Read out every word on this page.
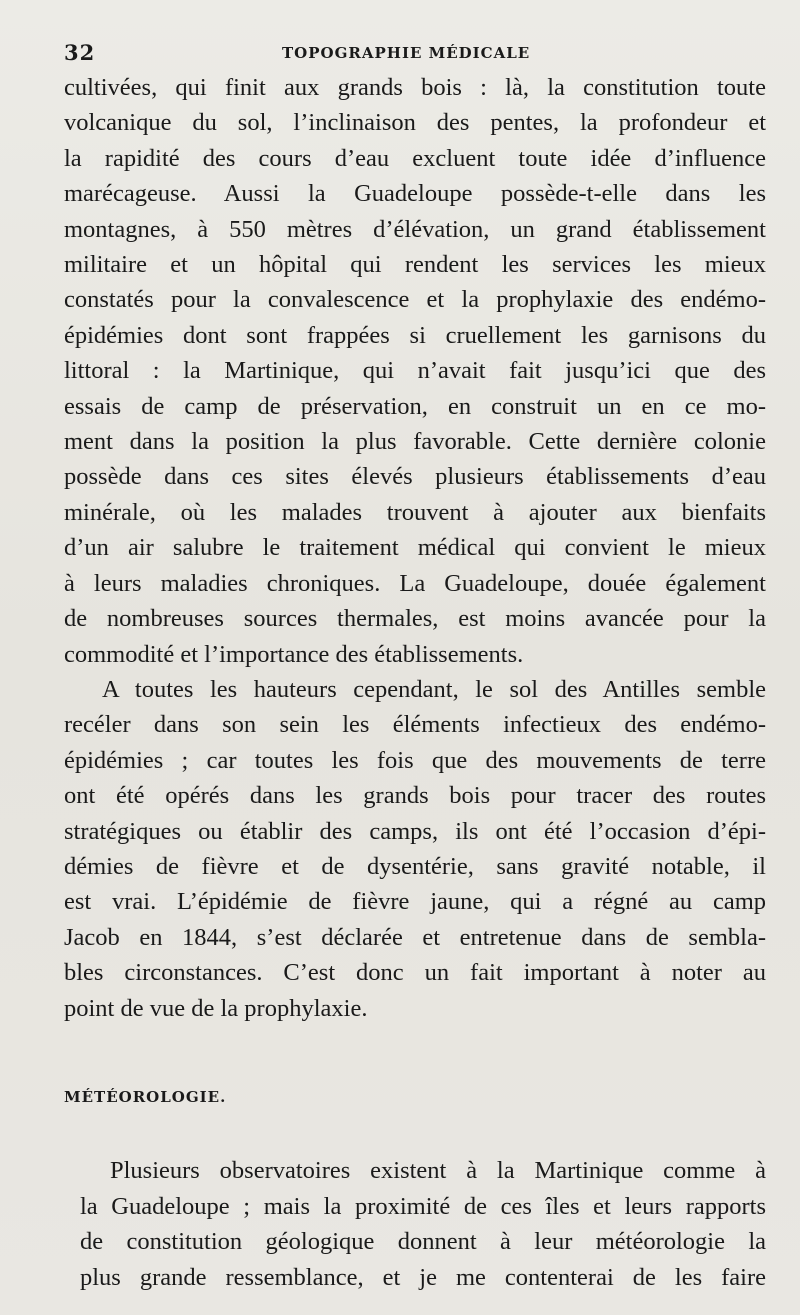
32	TOPOGRAPHIE MÉDICALE
cultivées, qui finit aux grands bois : là, la constitution toute
volcanique du sol, l’inclinaison des pentes, la profondeur et
la rapidité des cours d’eau excluent toute idée d’influence
marécageuse. Aussi la Guadeloupe possède-t-elle dans les
montagnes, à 550 mètres d’élévation, un grand établissement
militaire et un hôpital qui rendent les services les mieux
constatés pour la convalescence et la prophylaxie des endémo-
épidémies dont sont frappées si cruellement les garnisons du
littoral : la Martinique, qui n’avait fait jusqu’ici que des
essais de camp de préservation, en construit un en ce mo-
ment dans la position la plus favorable. Cette dernière colonie
possède dans ces sites élevés plusieurs établissements d’eau
minérale, où les malades trouvent à ajouter aux bienfaits
d’un air salubre le traitement médical qui convient le mieux
à leurs maladies chroniques. La Guadeloupe, douée également
de nombreuses sources thermales, est moins avancée pour la
commodité et l’importance des établissements.
A toutes les hauteurs cependant, le sol des Antilles semble
recéler dans son sein les éléments infectieux des endémo-
épidémies ; car toutes les fois que des mouvements de terre
ont été opérés dans les grands bois pour tracer des routes
stratégiques ou établir des camps, ils ont été l’occasion d’épi-
démies de fièvre et de dysentérie, sans gravité notable, il
est vrai. L’épidémie de fièvre jaune, qui a régné au camp
Jacob en 1844, s’est déclarée et entretenue dans de sembla-
bles circonstances. C’est donc un fait important à noter au
point de vue de la prophylaxie.
MÉTÉOROLOGIE.
Plusieurs observatoires existent à la Martinique comme à
la Guadeloupe ; mais la proximité de ces îles et leurs rapports
de constitution géologique donnent à leur météorologie la
plus grande ressemblance, et je me contenterai de les faire
